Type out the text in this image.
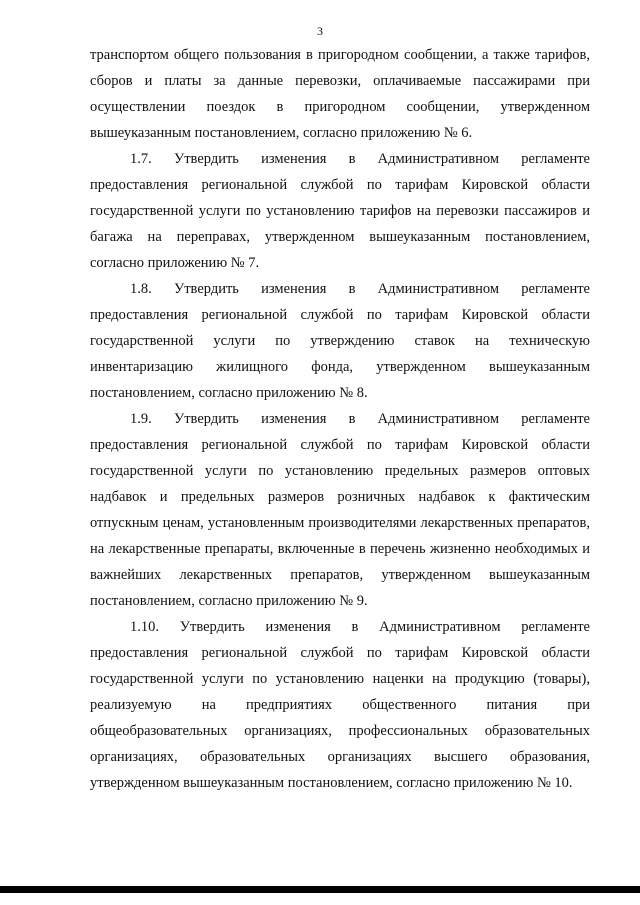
3

транспортом общего пользования в пригородном сообщении, а также тарифов, сборов и платы за данные перевозки, оплачиваемые пассажирами при осуществлении поездок в пригородном сообщении, утвержденном вышеуказанным постановлением, согласно приложению № 6.

1.7. Утвердить изменения в Административном регламенте предоставления региональной службой по тарифам Кировской области государственной услуги по установлению тарифов на перевозки пассажиров и багажа на переправах, утвержденном вышеуказанным постановлением, согласно приложению № 7.

1.8. Утвердить изменения в Административном регламенте предоставления региональной службой по тарифам Кировской области государственной услуги по утверждению ставок на техническую инвентаризацию жилищного фонда, утвержденном вышеуказанным постановлением, согласно приложению № 8.

1.9. Утвердить изменения в Административном регламенте предоставления региональной службой по тарифам Кировской области государственной услуги по установлению предельных размеров оптовых надбавок и предельных размеров розничных надбавок к фактическим отпускным ценам, установленным производителями лекарственных препаратов, на лекарственные препараты, включенные в перечень жизненно необходимых и важнейших лекарственных препаратов, утвержденном вышеуказанным постановлением, согласно приложению № 9.

1.10. Утвердить изменения в Административном регламенте предоставления региональной службой по тарифам Кировской области государственной услуги по установлению наценки на продукцию (товары), реализуемую на предприятиях общественного питания при общеобразовательных организациях, профессиональных образовательных организациях, образовательных организациях высшего образования, утвержденном вышеуказанным постановлением, согласно приложению № 10.
